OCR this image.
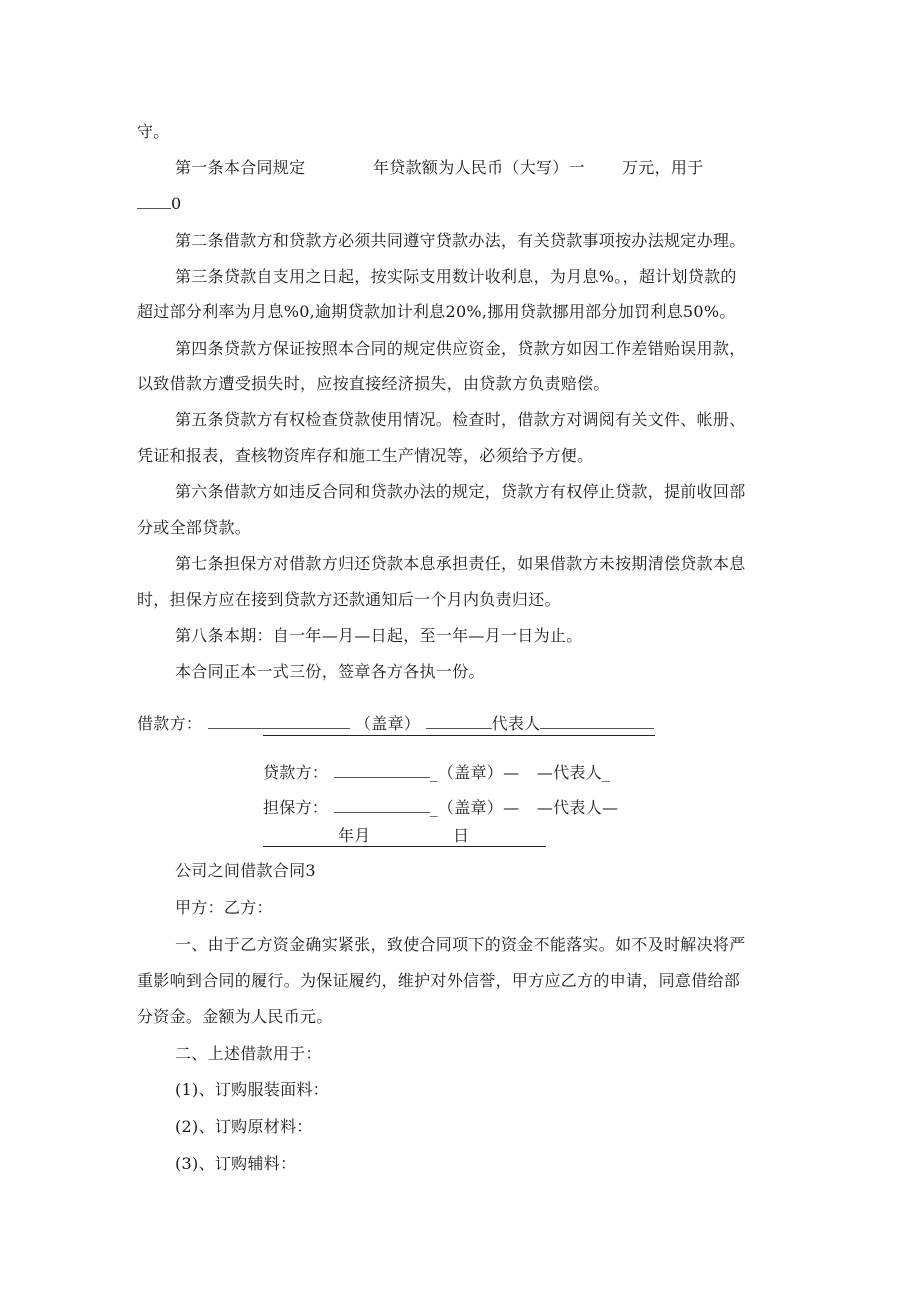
守。
第一条本合同规定	年贷款额为人民币（大写）一 万元，用于
0
第二条借款方和贷款方必须共同遵守贷款办法，有关贷款事项按办法规定办理。
第三条贷款自支用之日起，按实际支用数计收利息，为月息%。，超计划贷款的
超过部分利率为月息%0,逾期贷款加计利息20%,挪用贷款挪用部分加罚利息50%。
第四条贷款方保证按照本合同的规定供应资金，贷款方如因工作差错贻误用款，
以致借款方遭受损失时，应按直接经济损失，由贷款方负责赔偿。
第五条贷款方有权检查贷款使用情况。检查时，借款方对调阅有关文件、帐册、
凭证和报表，查核物资库存和施工生产情况等，必须给予方便。
第六条借款方如违反合同和贷款办法的规定，贷款方有权停止贷款，提前收回部
分或全部贷款。
第七条担保方对借款方归还贷款本息承担责任，如果借款方未按期清偿贷款本息
时，担保方应在接到贷款方还款通知后一个月内负责归还。
第八条本期：自一年—月—日起，至一年—月一日为止。
本合同正本一式三份，签章各方各执一份。
借款方：	（盖章）	代表人
贷款方：	_（盖章）— —代表人_
担保方：	_（盖章）— —代表人—
年月	日
公司之间借款合同3
甲方：乙方：
一、由于乙方资金确实紧张，致使合同项下的资金不能落实。如不及时解决将严
重影响到合同的履行。为保证履约，维护对外信誉，甲方应乙方的申请，同意借给部
分资金。金额为人民币元。
二、上述借款用于：
(1)、订购服装面料：
(2)、订购原材料：
(3)、订购辅料：
